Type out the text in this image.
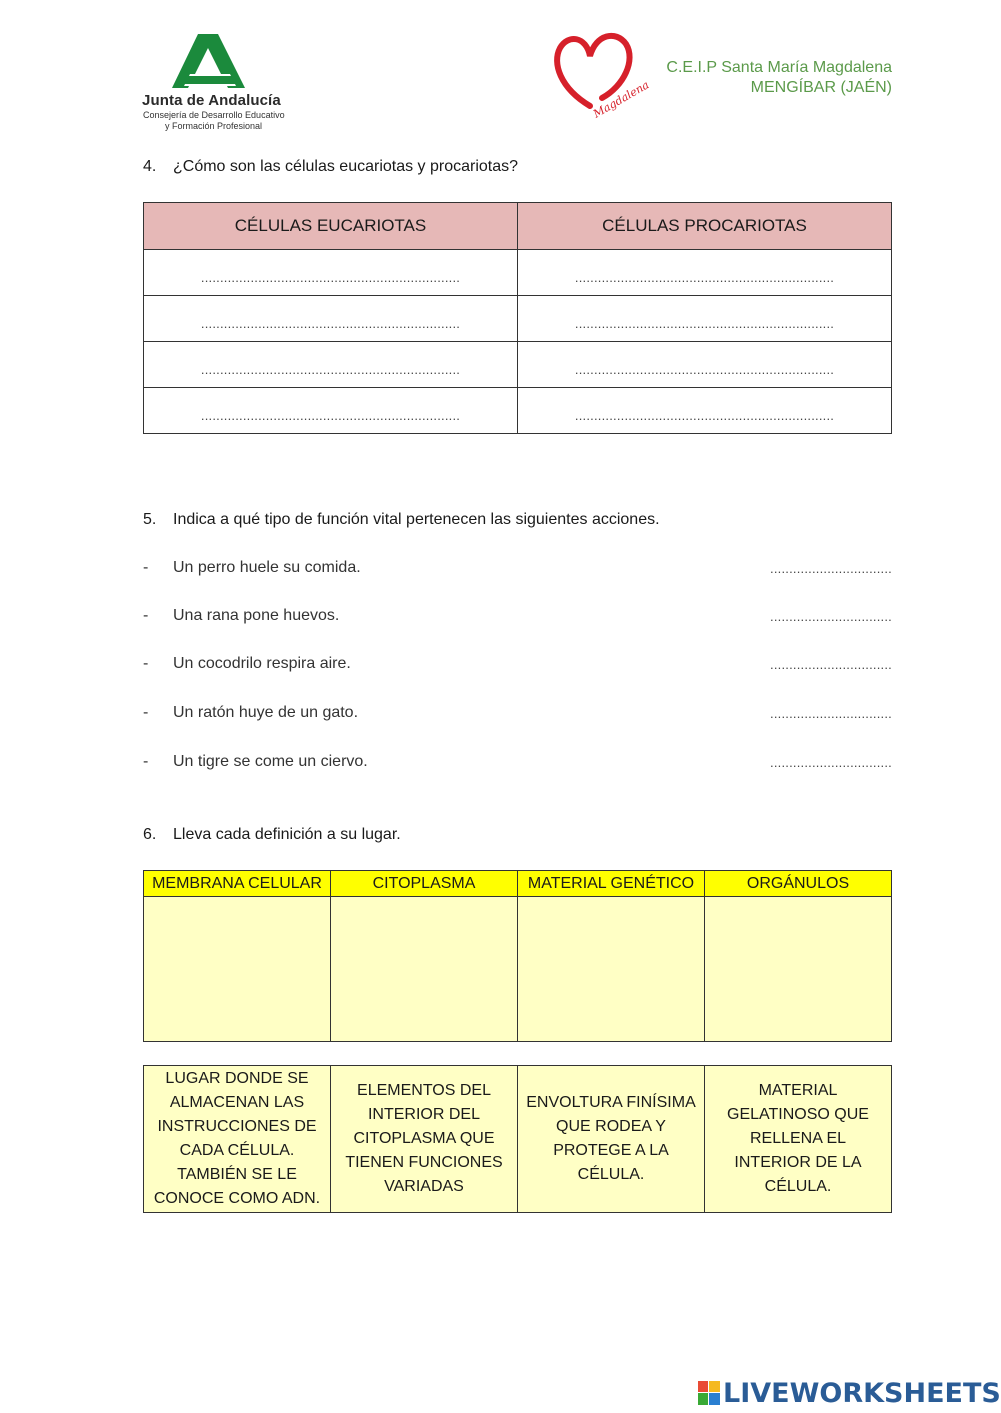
Junta de Andalucía
Consejería de Desarrollo Educativo
y Formación Profesional
Magdalena
C.E.I.P Santa María Magdalena
MENGÍBAR (JAÉN)
4. ¿Cómo son las células eucariotas y procariotas?
CÉLULAS EUCARIOTAS	CÉLULAS PROCARIOTAS
....................................................................	....................................................................
....................................................................	....................................................................
....................................................................	....................................................................
....................................................................	....................................................................
5. Indica a qué tipo de función vital pertenecen las siguientes acciones.
- Un perro huele su comida.	................................
- Una rana pone huevos.	................................
- Un cocodrilo respira aire.	................................
- Un ratón huye de un gato.	................................
- Un tigre se come un ciervo.	................................
6. Lleva cada definición a su lugar.
MEMBRANA CELULAR	CITOPLASMA	MATERIAL GENÉTICO	ORGÁNULOS

LUGAR DONDE SE ALMACENAN LAS INSTRUCCIONES DE CADA CÉLULA. TAMBIÉN SE LE CONOCE COMO ADN.	ELEMENTOS DEL INTERIOR DEL CITOPLASMA QUE TIENEN FUNCIONES VARIADAS	ENVOLTURA FINÍSIMA QUE RODEA Y PROTEGE A LA CÉLULA.	MATERIAL GELATINOSO QUE RELLENA EL INTERIOR DE LA CÉLULA.
LIVEWORKSHEETS
